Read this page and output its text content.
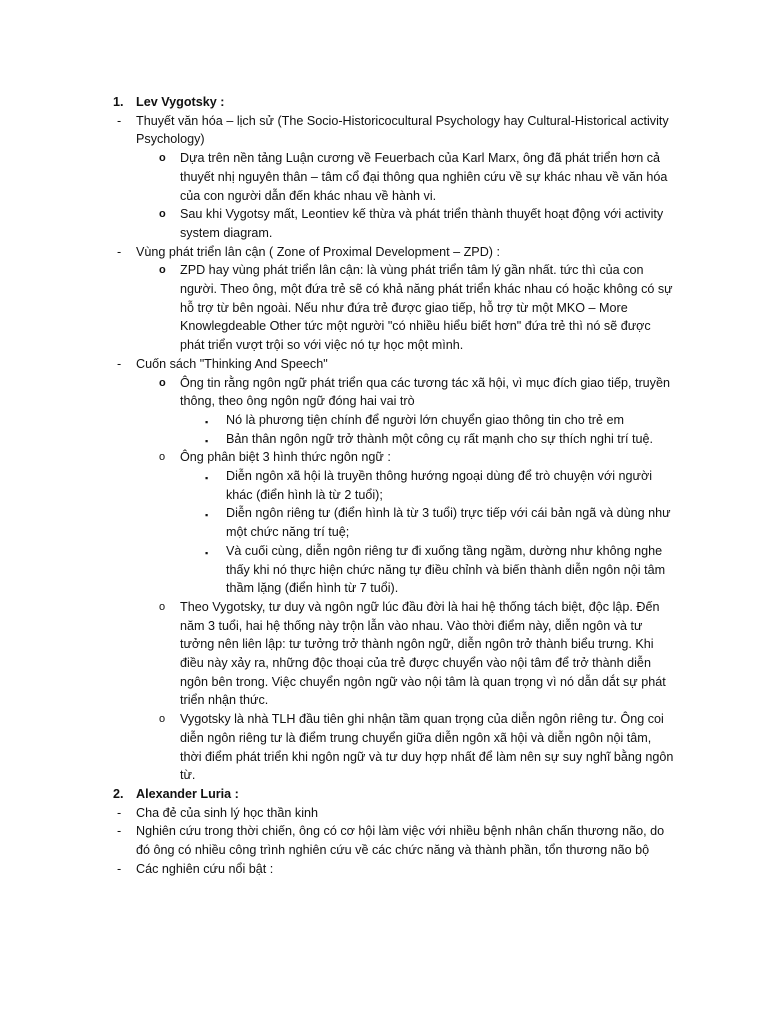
1. Lev Vygotsky :
- Thuyết văn hóa – lịch sử (The Socio-Historicocultural Psychology hay Cultural-Historical activity
Psychology)
o Dựa trên nền tảng Luận cương về Feuerbach của Karl Marx, ông đã phát triển hơn cả
thuyết nhị nguyên thân – tâm cổ đại thông qua nghiên cứu về sự khác nhau về văn hóa
của con người dẫn đến khác nhau về hành vi.
o Sau khi Vygotsy mất, Leontiev kế thừa và phát triển thành thuyết hoạt động với activity
system diagram.
- Vùng phát triển lân cận ( Zone of Proximal Development – ZPD) :
o ZPD hay vùng phát triển lân cận: là vùng phát triển tâm lý gần nhất. tức thì của con
người. Theo ông, một đứa trẻ sẽ có khả năng phát triển khác nhau có hoặc không có sự
hỗ trợ từ bên ngoài. Nếu như đứa trẻ được giao tiếp, hỗ trợ từ một MKO – More
Knowlegdeable Other tức một người "có nhiều hiểu biết hơn" đứa trẻ thì nó sẽ được
phát triển vượt trội so với việc nó tự học một mình.
- Cuốn sách "Thinking And Speech"
o Ông tin rằng ngôn ngữ phát triển qua các tương tác xã hội, vì mục đích giao tiếp, truyền
thông, theo ông ngôn ngữ đóng hai vai trò
▪ Nó là phương tiện chính để người lớn chuyển giao thông tin cho trẻ em
▪ Bản thân ngôn ngữ trở thành một công cụ rất mạnh cho sự thích nghi trí tuệ.
o Ông phân biệt 3 hình thức ngôn ngữ :
▪ Diễn ngôn xã hội là truyền thông hướng ngoại dùng để trò chuyện với người
khác (điển hình là từ 2 tuổi);
▪ Diễn ngôn riêng tư (điển hình là từ 3 tuổi) trực tiếp với cái bản ngã và dùng như
một chức năng trí tuệ;
▪ Và cuối cùng, diễn ngôn riêng tư đi xuống tầng ngầm, dường như không nghe
thấy khi nó thực hiện chức năng tự điều chỉnh và biến thành diễn ngôn nội tâm
thầm lặng (điển hình từ 7 tuổi).
o Theo Vygotsky, tư duy và ngôn ngữ lúc đầu đời là hai hệ thống tách biệt, độc lập. Đến
năm 3 tuổi, hai hệ thống này trộn lẫn vào nhau. Vào thời điểm này, diễn ngôn và tư
tưởng nên liên lập: tư tưởng trở thành ngôn ngữ, diễn ngôn trở thành biểu trưng. Khi
điều này xảy ra, những độc thoại của trẻ được chuyển vào nội tâm để trở thành diễn
ngôn bên trong. Việc chuyển ngôn ngữ vào nội tâm là quan trọng vì nó dẫn dắt sự phát
triển nhận thức.
o Vygotsky là nhà TLH đầu tiên ghi nhận tầm quan trọng của diễn ngôn riêng tư. Ông coi
diễn ngôn riêng tư là điểm trung chuyển giữa diễn ngôn xã hội và diễn ngôn nội tâm,
thời điểm phát triển khi ngôn ngữ và tư duy hợp nhất để làm nên sự suy nghĩ bằng ngôn
từ.
2. Alexander Luria :
- Cha đẻ của sinh lý học thần kinh
- Nghiên cứu trong thời chiến, ông có cơ hội làm việc với nhiều bệnh nhân chấn thương não, do
đó ông có nhiều công trình nghiên cứu về các chức năng và thành phần, tổn thương não bộ
- Các nghiên cứu nổi bật :
